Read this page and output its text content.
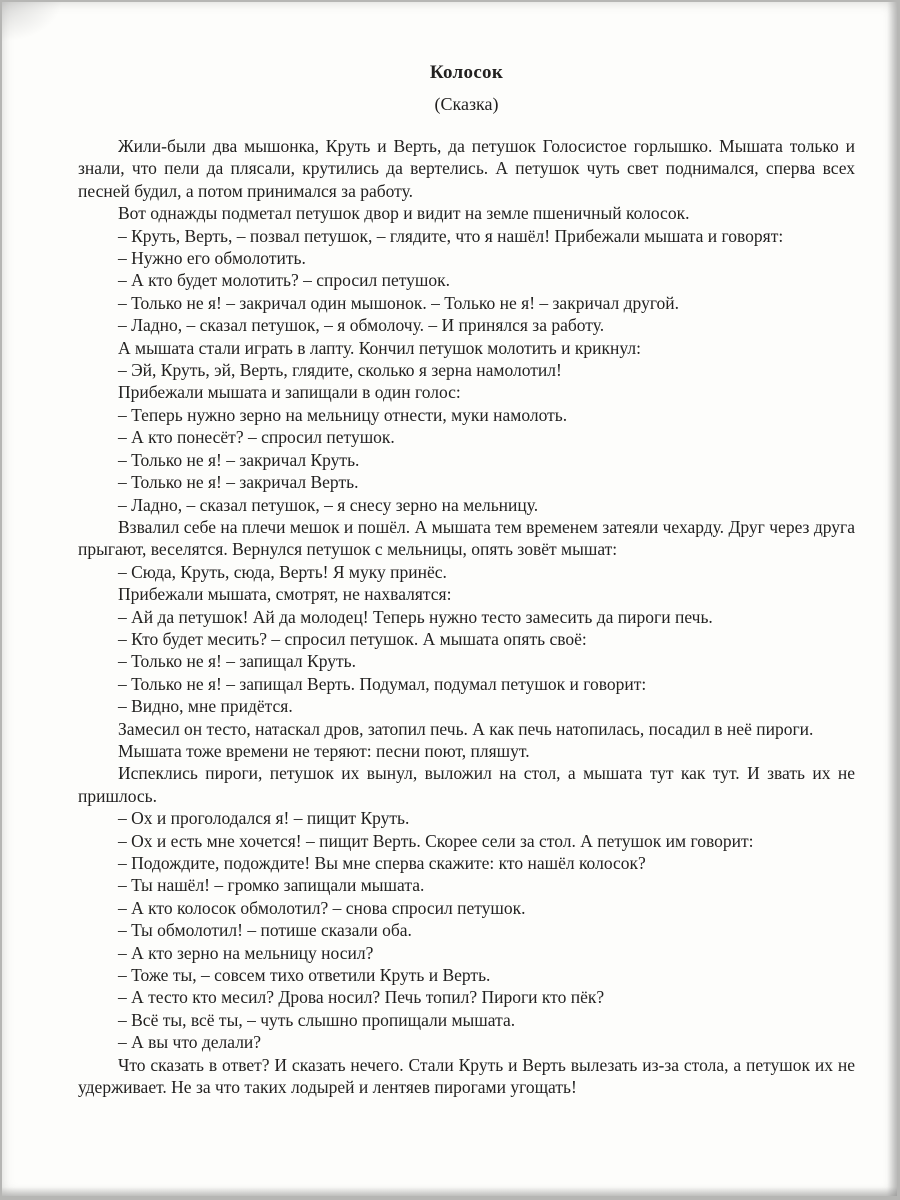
Колосок
(Сказка)

Жили-были два мышонка, Круть и Верть, да петушок Голосистое горлышко. Мышата только и знали, что пели да плясали, крутились да вертелись. А петушок чуть свет поднимался, сперва всех песней будил, а потом принимался за работу.

Вот однажды подметал петушок двор и видит на земле пшеничный колосок.

– Круть, Верть, – позвал петушок, – глядите, что я нашёл! Прибежали мышата и говорят:

– Нужно его обмолотить.

– А кто будет молотить? – спросил петушок.

– Только не я! – закричал один мышонок. – Только не я! – закричал другой.

– Ладно, – сказал петушок, – я обмолочу. – И принялся за работу.

А мышата стали играть в лапту. Кончил петушок молотить и крикнул:

– Эй, Круть, эй, Верть, глядите, сколько я зерна намолотил!

Прибежали мышата и запищали в один голос:

– Теперь нужно зерно на мельницу отнести, муки намолоть.

– А кто понесёт? – спросил петушок.

– Только не я! – закричал Круть.

– Только не я! – закричал Верть.

– Ладно, – сказал петушок, – я снесу зерно на мельницу.

Взвалил себе на плечи мешок и пошёл. А мышата тем временем затеяли чехарду. Друг через друга прыгают, веселятся. Вернулся петушок с мельницы, опять зовёт мышат:

– Сюда, Круть, сюда, Верть! Я муку принёс.

Прибежали мышата, смотрят, не нахвалятся:

– Ай да петушок! Ай да молодец! Теперь нужно тесто замесить да пироги печь.

– Кто будет месить? – спросил петушок. А мышата опять своё:

– Только не я! – запищал Круть.

– Только не я! – запищал Верть. Подумал, подумал петушок и говорит:

– Видно, мне придётся.

Замесил он тесто, натаскал дров, затопил печь. А как печь натопилась, посадил в неё пироги.

Мышата тоже времени не теряют: песни поют, пляшут.

Испеклись пироги, петушок их вынул, выложил на стол, а мышата тут как тут. И звать их не пришлось.

– Ох и проголодался я! – пищит Круть.

– Ох и есть мне хочется! – пищит Верть. Скорее сели за стол. А петушок им говорит:

– Подождите, подождите! Вы мне сперва скажите: кто нашёл колосок?

– Ты нашёл! – громко запищали мышата.

– А кто колосок обмолотил? – снова спросил петушок.

– Ты обмолотил! – потише сказали оба.

– А кто зерно на мельницу носил?

– Тоже ты, – совсем тихо ответили Круть и Верть.

– А тесто кто месил? Дрова носил? Печь топил? Пироги кто пёк?

– Всё ты, всё ты, – чуть слышно пропищали мышата.

– А вы что делали?

Что сказать в ответ? И сказать нечего. Стали Круть и Верть вылезать из-за стола, а петушок их не удерживает. Не за что таких лодырей и лентяев пирогами угощать!
